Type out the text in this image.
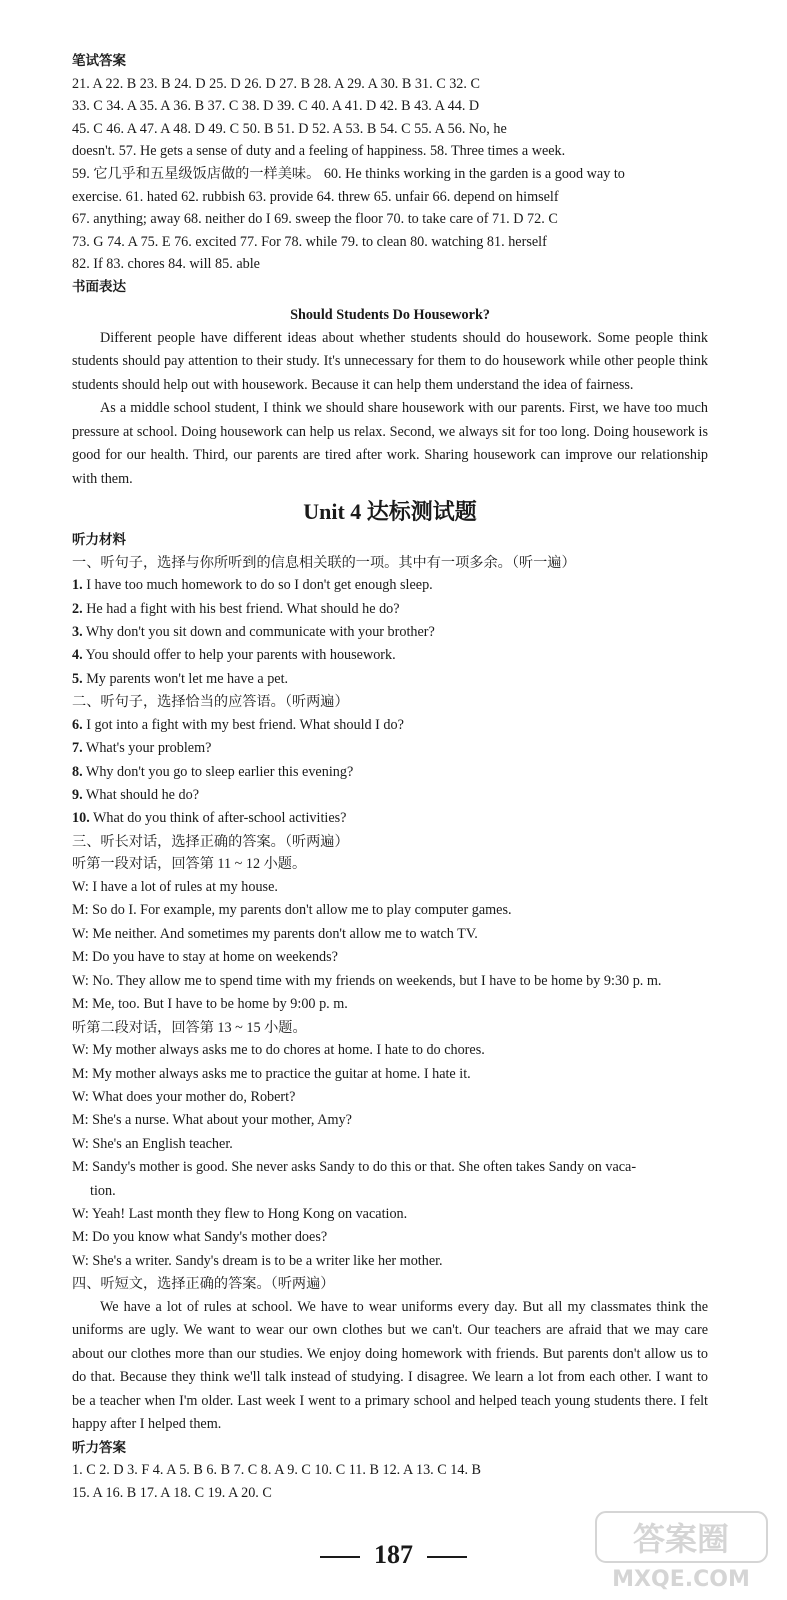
笔试答案
21. A 22. B 23. B 24. D 25. D 26. D 27. B 28. A 29. A 30. B 31. C 32. C
33. C 34. A 35. A 36. B 37. C 38. D 39. C 40. A 41. D 42. B 43. A 44. D
45. C 46. A 47. A 48. D 49. C 50. B 51. D 52. A 53. B 54. C 55. A 56. No, he
doesn't. 57. He gets a sense of duty and a feeling of happiness. 58. Three times a week.
59. 它几乎和五星级饭店做的一样美味。 60. He thinks working in the garden is a good way to
exercise. 61. hated 62. rubbish 63. provide 64. threw 65. unfair 66. depend on himself
67. anything; away 68. neither do I 69. sweep the floor 70. to take care of 71. D 72. C
73. G 74. A 75. E 76. excited 77. For 78. while 79. to clean 80. watching 81. herself
82. If 83. chores 84. will 85. able
书面表达
Should Students Do Housework?
Different people have different ideas about whether students should do housework. Some people think students should pay attention to their study. It's unnecessary for them to do housework while other people think students should help out with housework. Because it can help them understand the idea of fairness.
As a middle school student, I think we should share housework with our parents. First, we have too much pressure at school. Doing housework can help us relax. Second, we always sit for too long. Doing housework is good for our health. Third, our parents are tired after work. Sharing housework can improve our relationship with them.
Unit 4 达标测试题
听力材料
一、听句子，选择与你所听到的信息相关联的一项。其中有一项多余。（听一遍）
1. I have too much homework to do so I don't get enough sleep.
2. He had a fight with his best friend. What should he do?
3. Why don't you sit down and communicate with your brother?
4. You should offer to help your parents with housework.
5. My parents won't let me have a pet.
二、听句子，选择恰当的应答语。（听两遍）
6. I got into a fight with my best friend. What should I do?
7. What's your problem?
8. Why don't you go to sleep earlier this evening?
9. What should he do?
10. What do you think of after-school activities?
三、听长对话，选择正确的答案。（听两遍）
听第一段对话，回答第 11 ~ 12 小题。
W: I have a lot of rules at my house.
M: So do I. For example, my parents don't allow me to play computer games.
W: Me neither. And sometimes my parents don't allow me to watch TV.
M: Do you have to stay at home on weekends?
W: No. They allow me to spend time with my friends on weekends, but I have to be home by 9:30 p. m.
M: Me, too. But I have to be home by 9:00 p. m.
听第二段对话，回答第 13 ~ 15 小题。
W: My mother always asks me to do chores at home. I hate to do chores.
M: My mother always asks me to practice the guitar at home. I hate it.
W: What does your mother do, Robert?
M: She's a nurse. What about your mother, Amy?
W: She's an English teacher.
M: Sandy's mother is good. She never asks Sandy to do this or that. She often takes Sandy on vaca-
tion.
W: Yeah! Last month they flew to Hong Kong on vacation.
M: Do you know what Sandy's mother does?
W: She's a writer. Sandy's dream is to be a writer like her mother.
四、听短文，选择正确的答案。（听两遍）
We have a lot of rules at school. We have to wear uniforms every day. But all my classmates think the uniforms are ugly. We want to wear our own clothes but we can't. Our teachers are afraid that we may care about our clothes more than our studies. We enjoy doing homework with friends. But parents don't allow us to do that. Because they think we'll talk instead of studying. I disagree. We learn a lot from each other. I want to be a teacher when I'm older. Last week I went to a primary school and helped teach young students there. I felt happy after I helped them.
听力答案
1. C 2. D 3. F 4. A 5. B 6. B 7. C 8. A 9. C 10. C 11. B 12. A 13. C 14. B
15. A 16. B 17. A 18. C 19. A 20. C
187	答案圈
MXQE.COM
